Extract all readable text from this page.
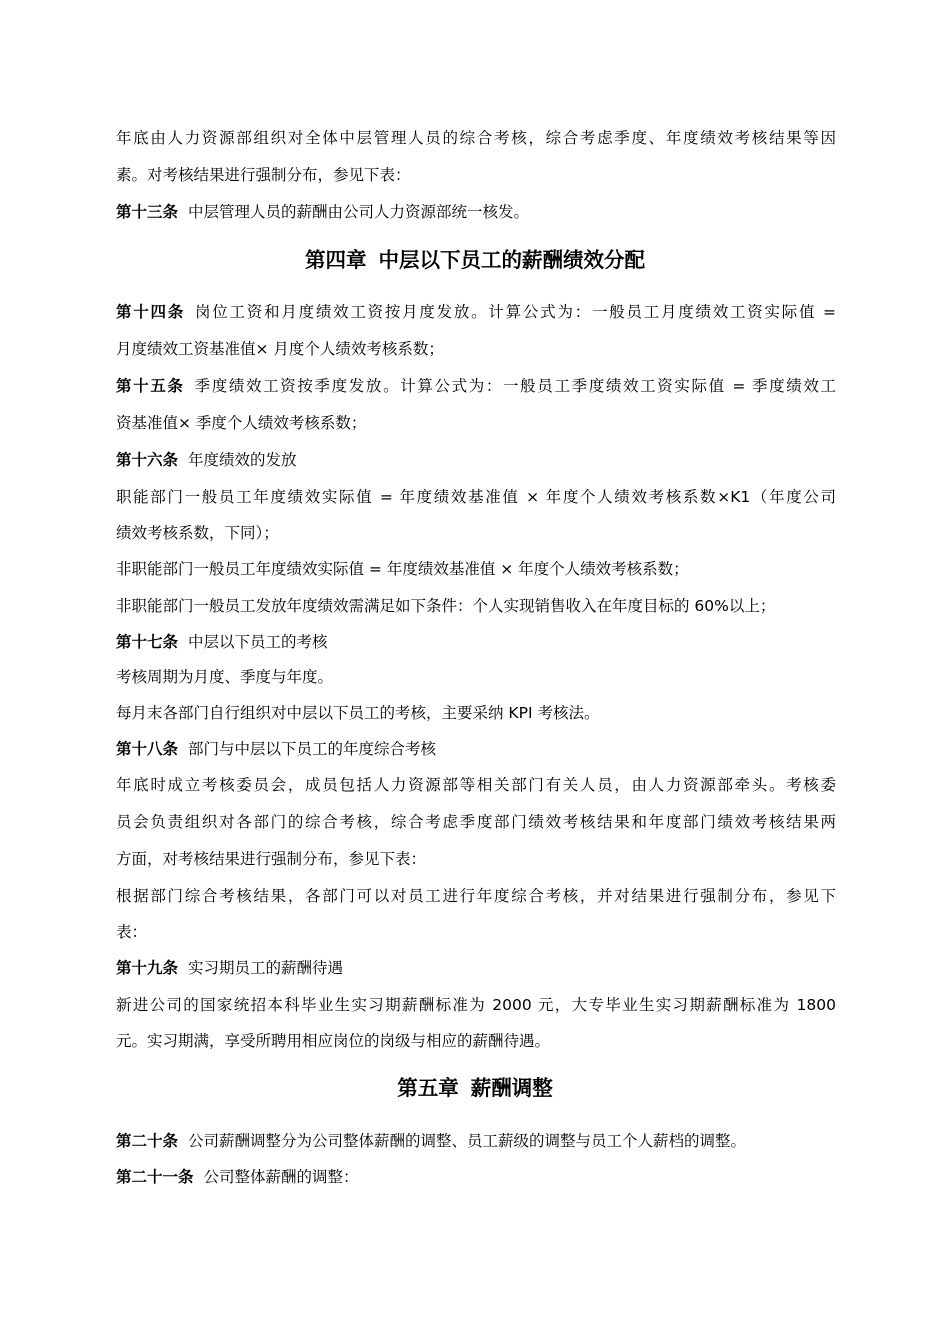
年底由人力资源部组织对全体中层管理人员的综合考核，综合考虑季度、年度绩效考核结果等因
素。对考核结果进行强制分布，参见下表：
第十三条 中层管理人员的薪酬由公司人力资源部统一核发。
第四章 中层以下员工的薪酬绩效分配
第十四条 岗位工资和月度绩效工资按月度发放。计算公式为：一般员工月度绩效工资实际值 =
月度绩效工资基准值× 月度个人绩效考核系数；
第十五条 季度绩效工资按季度发放。计算公式为：一般员工季度绩效工资实际值 = 季度绩效工
资基准值× 季度个人绩效考核系数；
第十六条 年度绩效的发放
职能部门一般员工年度绩效实际值 = 年度绩效基准值 × 年度个人绩效考核系数×K1（年度公司
绩效考核系数，下同）；
非职能部门一般员工年度绩效实际值 = 年度绩效基准值 × 年度个人绩效考核系数；
非职能部门一般员工发放年度绩效需满足如下条件：个人实现销售收入在年度目标的 60%以上；
第十七条 中层以下员工的考核
考核周期为月度、季度与年度。
每月末各部门自行组织对中层以下员工的考核，主要采纳 KPI 考核法。
第十八条 部门与中层以下员工的年度综合考核
年底时成立考核委员会，成员包括人力资源部等相关部门有关人员，由人力资源部牵头。考核委
员会负责组织对各部门的综合考核，综合考虑季度部门绩效考核结果和年度部门绩效考核结果两
方面，对考核结果进行强制分布，参见下表：
根据部门综合考核结果，各部门可以对员工进行年度综合考核，并对结果进行强制分布，参见下
表：
第十九条 实习期员工的薪酬待遇
新进公司的国家统招本科毕业生实习期薪酬标准为 2000 元，大专毕业生实习期薪酬标准为 1800
元。实习期满，享受所聘用相应岗位的岗级与相应的薪酬待遇。
第五章 薪酬调整
第二十条 公司薪酬调整分为公司整体薪酬的调整、员工薪级的调整与员工个人薪档的调整。
第二十一条 公司整体薪酬的调整：
